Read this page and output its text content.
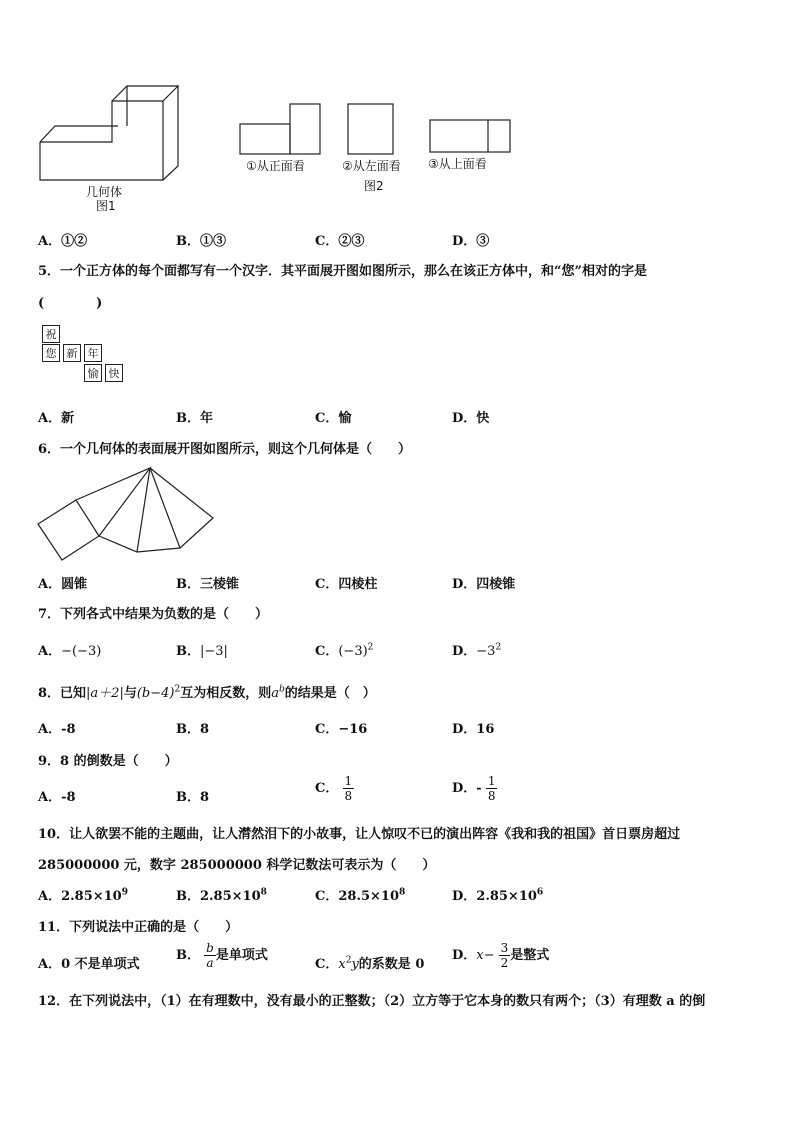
几何体
图1
①从正面看	②从左面看 ③从上面看
图2
A．①②	B．①③	C．②③	D．③
5．一个正方体的每个面都写有一个汉字．其平面展开图如图所示，那么在该正方体中，和“您”相对的字是
(　　　　)
祝
您 新 年
愉 快
A．新	B．年	C．愉	D．快
6．一个几何体的表面展开图如图所示，则这个几何体是（　　）
A．圆锥	B．三棱锥	C．四棱柱	D．四棱锥
7．下列各式中结果为负数的是（　　）
A．−(−3)	B．|−3|	C．$(-3)^2$	D．$-3^2$
8．已知|a＋2|与$(b-4)^2$互为相反数，则$a^b$的结果是（　）
A．-8	B．8	C．−16	D．16
9．8 的倒数是（　　）
A．-8	B．8
C． $\frac{1}{8}$	D．- $\frac{1}{8}$
10．让人欲罢不能的主题曲，让人潸然泪下的小故事，让人惊叹不已的演出阵容《我和我的祖国》首日票房超过
285000000 元，数字 285000000 科学记数法可表示为（　　）
A．$2.85\times 10^9$	B．$2.85\times 10^8$	C．$28.5\times 10^8$	D．$2.85\times 10^6$
11．下列说法中正确的是（　　）
A．0 不是单项式
B． $\frac{b}{a}$ 是单项式
C．$x^2y$的系数是 0
D．$x- \frac{3}{2}$ 是整式
12．在下列说法中，（1）在有理数中，没有最小的正整数；（2）立方等于它本身的数只有两个；（3）有理数 a 的倒
